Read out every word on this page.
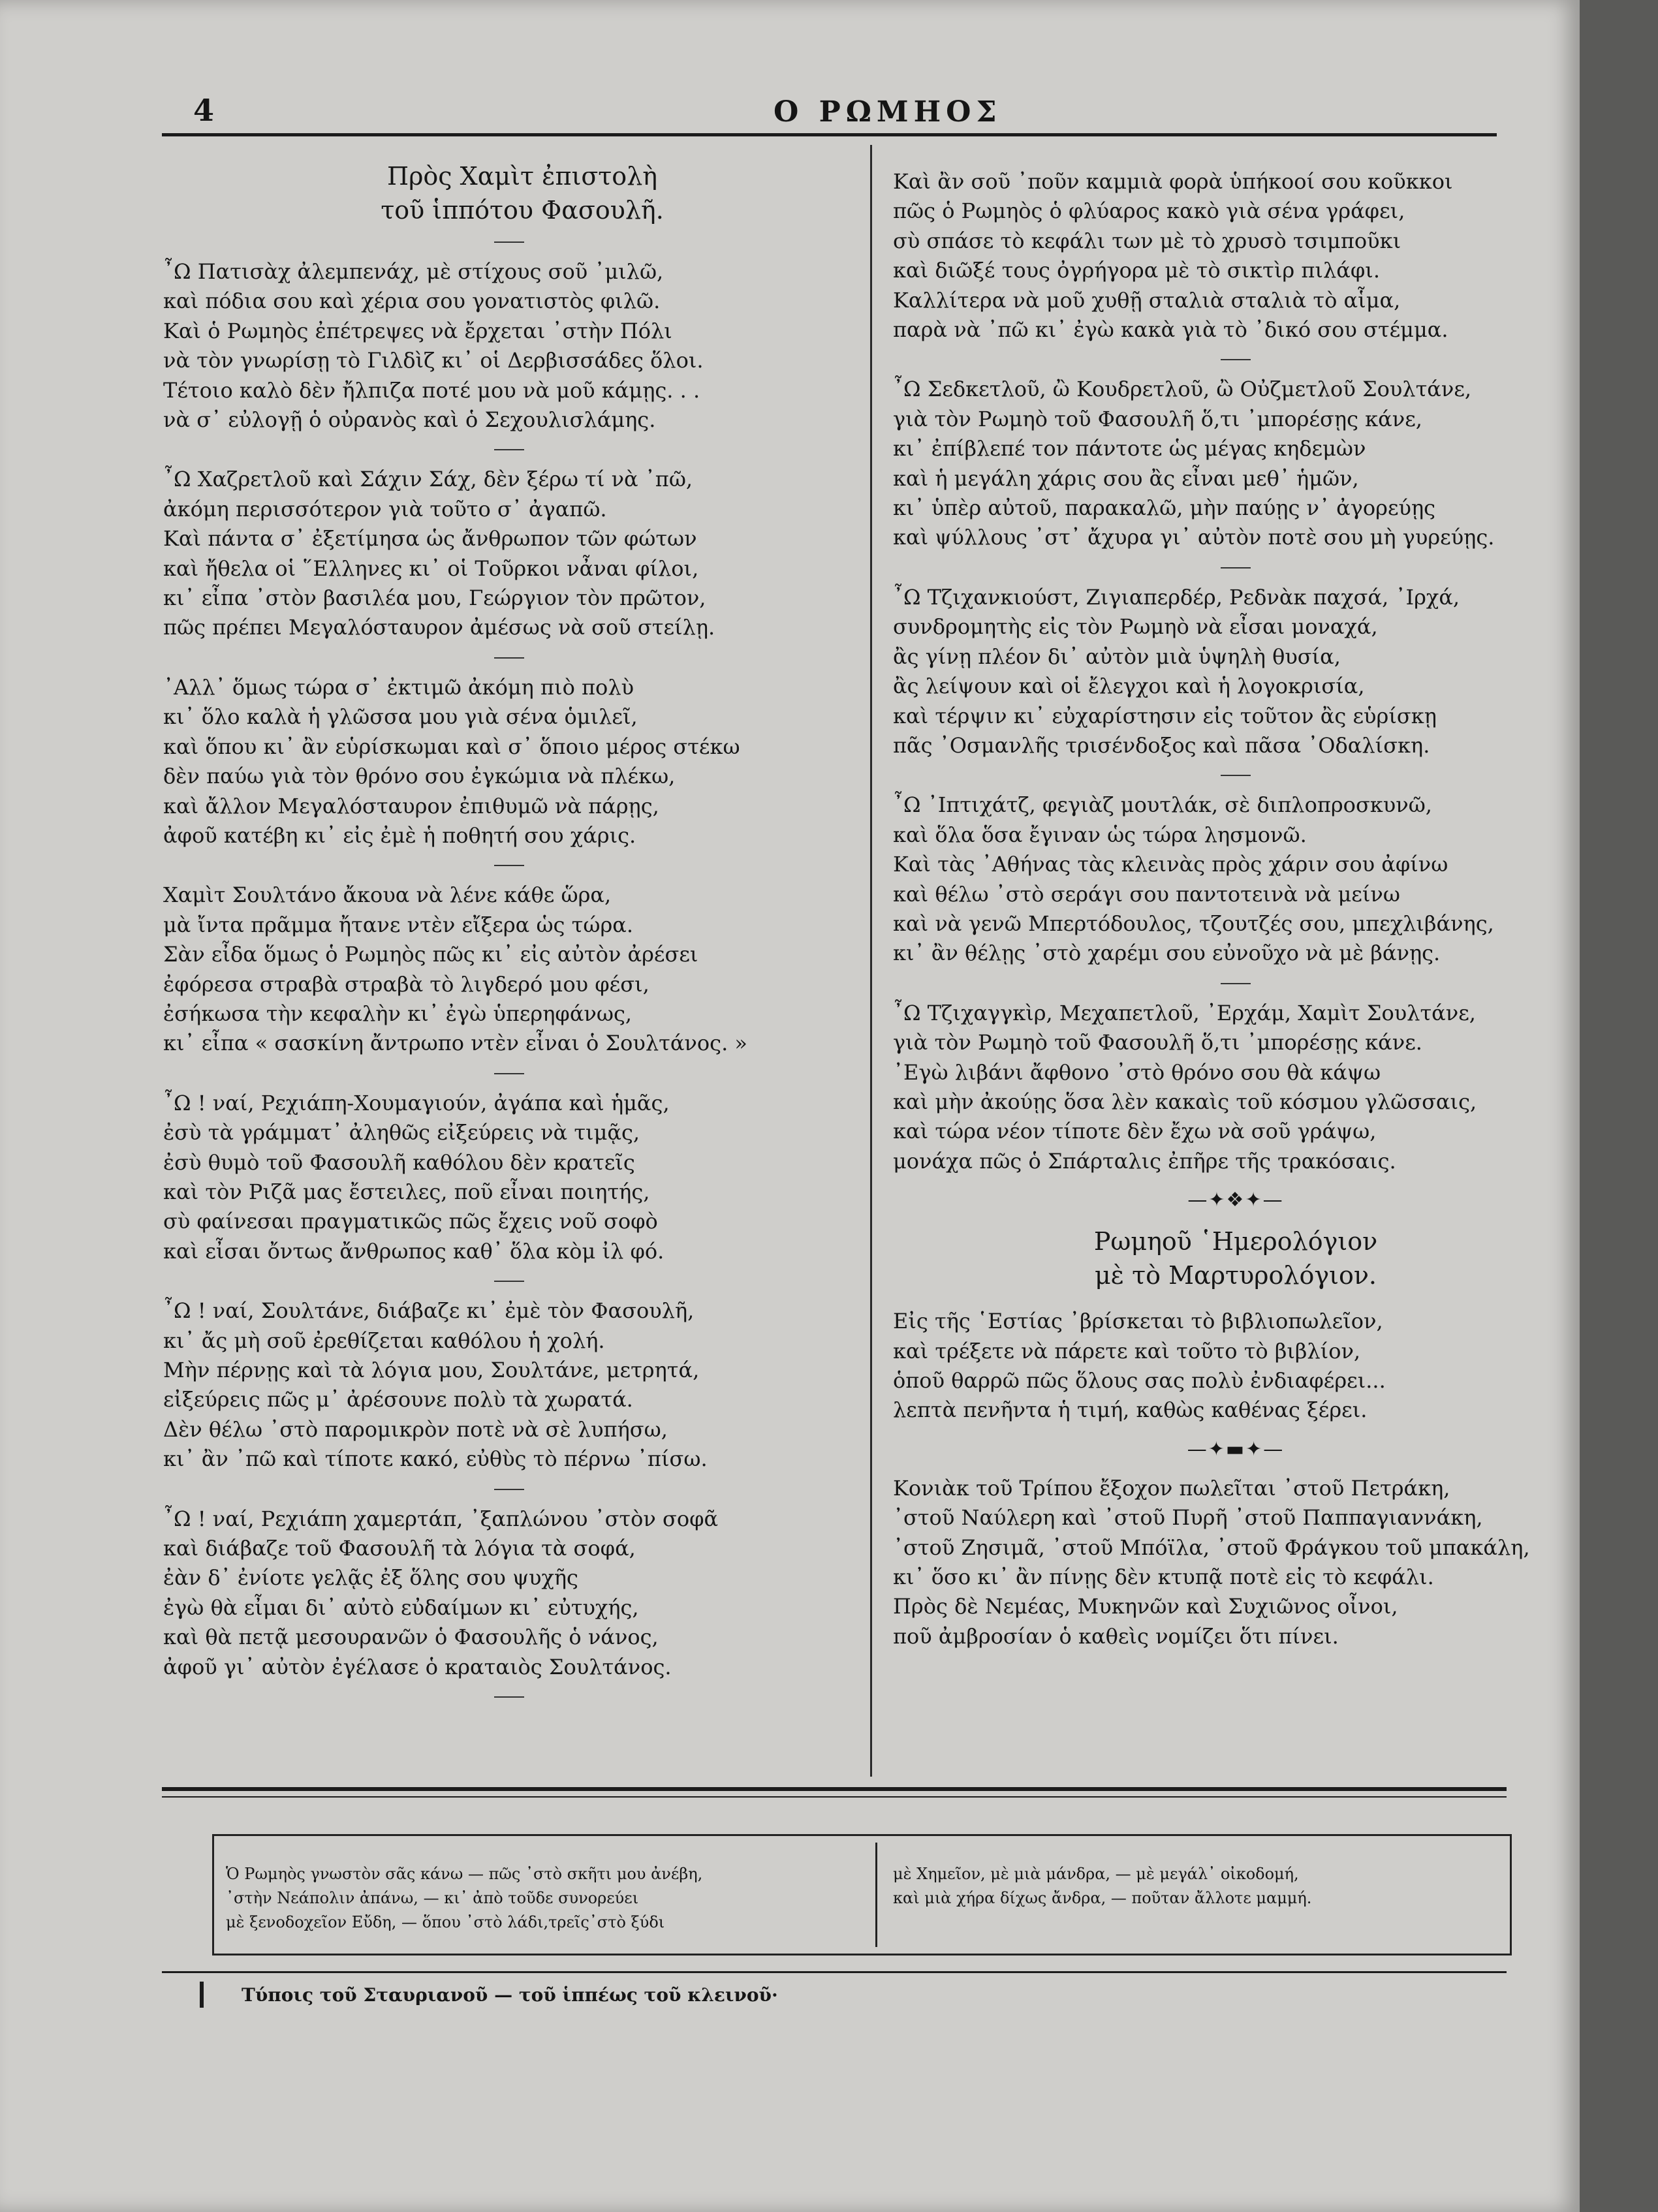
4	Ο ΡΩΜΗΟΣ
Πρὸς Χαμὶτ ἐπιστολὴ
τοῦ ἱππότου Φασουλῆ.
῏Ω Πατισὰχ ἀλεμπενάχ, μὲ στίχους σοῦ ᾽μιλῶ,
καὶ πόδια σου καὶ χέρια σου γονατιστὸς φιλῶ.
Καὶ ὁ Ρωμηὸς ἐπέτρεψες νὰ ἔρχεται ᾽στὴν Πόλι
νὰ τὸν γνωρίσῃ τὸ Γιλδὶζ κι᾽ οἱ Δερβισσάδες ὅλοι.
Τέτοιο καλὸ δὲν ἤλπιζα ποτέ μου νὰ μοῦ κάμῃς. . .
νὰ σ᾽ εὐλογῇ ὁ οὐρανὸς καὶ ὁ Σεχουλισλάμης.
῏Ω Χαζρετλοῦ καὶ Σάχιν Σάχ, δὲν ξέρω τί νὰ ᾽πῶ,
ἀκόμη περισσότερον γιὰ τοῦτο σ᾽ ἀγαπῶ.
Καὶ πάντα σ᾽ ἐξετίμησα ὡς ἄνθρωπον τῶν φώτων
καὶ ἤθελα οἱ ῞Ελληνες κι᾽ οἱ Τοῦρκοι νἆναι φίλοι,
κι᾽ εἶπα ᾽στὸν βασιλέα μου, Γεώργιον τὸν πρῶτον,
πῶς πρέπει Μεγαλόσταυρον ἀμέσως νὰ σοῦ στείλῃ.
᾽Αλλ᾽ ὅμως τώρα σ᾽ ἐκτιμῶ ἀκόμη πιὸ πολὺ
κι᾽ ὅλο καλὰ ἡ γλῶσσα μου γιὰ σένα ὁμιλεῖ,
καὶ ὅπου κι᾽ ἂν εὑρίσκωμαι καὶ σ᾽ ὅποιο μέρος στέκω
δὲν παύω γιὰ τὸν θρόνο σου ἐγκώμια νὰ πλέκω,
καὶ ἄλλον Μεγαλόσταυρον ἐπιθυμῶ νὰ πάρῃς,
ἀφοῦ κατέβη κι᾽ εἰς ἐμὲ ἡ ποθητή σου χάρις.
Χαμὶτ Σουλτάνο ἄκουα νὰ λένε κάθε ὥρα,
μὰ ἴντα πρᾶμμα ἤτανε ντὲν εἴξερα ὡς τώρα.
Σὰν εἶδα ὅμως ὁ Ρωμηὸς πῶς κι᾽ εἰς αὐτὸν ἀρέσει
ἐφόρεσα στραβὰ στραβὰ τὸ λιγδερό μου φέσι,
ἐσήκωσα τὴν κεφαλὴν κι᾽ ἐγὼ ὑπερηφάνως,
κι᾽ εἶπα « σασκίνη ἄντρωπο ντὲν εἶναι ὁ Σουλτάνος. »
῏Ω ! ναί, Ρεχιάπη-Χουμαγιούν, ἀγάπα καὶ ἡμᾶς,
ἐσὺ τὰ γράμματ᾽ ἀληθῶς εἰξεύρεις νὰ τιμᾷς,
ἐσὺ θυμὸ τοῦ Φασουλῆ καθόλου δὲν κρατεῖς
καὶ τὸν Ριζᾶ μας ἔστειλες, ποῦ εἶναι ποιητής,
σὺ φαίνεσαι πραγματικῶς πῶς ἔχεις νοῦ σοφὸ
καὶ εἶσαι ὄντως ἄνθρωπος καθ᾽ ὅλα κὸμ ἰλ φό.
῏Ω ! ναί, Σουλτάνε, διάβαζε κι᾽ ἐμὲ τὸν Φασουλῆ,
κι᾽ ἄς μὴ σοῦ ἐρεθίζεται καθόλου ἡ χολή.
Μὴν πέρνῃς καὶ τὰ λόγια μου, Σουλτάνε, μετρητά,
εἰξεύρεις πῶς μ᾽ ἀρέσουνε πολὺ τὰ χωρατά.
Δὲν θέλω ᾽στὸ παρομικρὸν ποτὲ νὰ σὲ λυπήσω,
κι᾽ ἂν ᾽πῶ καὶ τίποτε κακό, εὐθὺς τὸ πέρνω ᾽πίσω.
῏Ω ! ναί, Ρεχιάπη χαμερτάπ, ᾽ξαπλώνου ᾽στὸν σοφᾶ
καὶ διάβαζε τοῦ Φασουλῆ τὰ λόγια τὰ σοφά,
ἐὰν δ᾽ ἐνίοτε γελᾷς ἐξ ὅλης σου ψυχῆς
ἐγὼ θὰ εἶμαι δι᾽ αὐτὸ εὐδαίμων κι᾽ εὐτυχής,
καὶ θὰ πετᾷ μεσουρανῶν ὁ Φασουλῆς ὁ νάνος,
ἀφοῦ γι᾽ αὐτὸν ἐγέλασε ὁ κραταιὸς Σουλτάνος.
Καὶ ἂν σοῦ ᾽ποῦν καμμιὰ φορὰ ὑπήκοοί σου κοῦκκοι
πῶς ὁ Ρωμηὸς ὁ φλύαρος κακὸ γιὰ σένα γράφει,
σὺ σπάσε τὸ κεφάλι των μὲ τὸ χρυσὸ τσιμποῦκι
καὶ διῶξέ τους ὀγρήγορα μὲ τὸ σικτὶρ πιλάφι.
Καλλίτερα νὰ μοῦ χυθῇ σταλιὰ σταλιὰ τὸ αἷμα,
παρὰ νὰ ᾽πῶ κι᾽ ἐγὼ κακὰ γιὰ τὸ ᾽δικό σου στέμμα.
῏Ω Σεδκετλοῦ, ὢ Κουδρετλοῦ, ὢ Οὐζμετλοῦ Σουλτάνε,
γιὰ τὸν Ρωμηὸ τοῦ Φασουλῆ ὅ,τι ᾽μπορέσῃς κάνε,
κι᾽ ἐπίβλεπέ τον πάντοτε ὡς μέγας κηδεμὼν
καὶ ἡ μεγάλη χάρις σου ἂς εἶναι μεθ᾽ ἡμῶν,
κι᾽ ὑπὲρ αὐτοῦ, παρακαλῶ, μὴν παύῃς ν᾽ ἀγορεύῃς
καὶ ψύλλους ᾽στ᾽ ἄχυρα γι᾽ αὐτὸν ποτὲ σου μὴ γυρεύῃς.
῏Ω Τζιχανκιούστ, Ζιγιαπερδέρ, Ρεδνὰκ παχσά, ᾽Ιρχά,
συνδρομητὴς εἰς τὸν Ρωμηὸ νὰ εἶσαι μοναχά,
ἂς γίνῃ πλέον δι᾽ αὐτὸν μιὰ ὑψηλὴ θυσία,
ἂς λείψουν καὶ οἱ ἔλεγχοι καὶ ἡ λογοκρισία,
καὶ τέρψιν κι᾽ εὐχαρίστησιν εἰς τοῦτον ἂς εὑρίσκῃ
πᾶς ᾽Οσμανλῆς τρισένδοξος καὶ πᾶσα ᾽Οδαλίσκη.
῏Ω ᾽Ιπτιχάτζ, φεγιὰζ μουτλάκ, σὲ διπλοπροσκυνῶ,
καὶ ὅλα ὅσα ἔγιναν ὡς τώρα λησμονῶ.
Καὶ τὰς ᾽Αθήνας τὰς κλεινὰς πρὸς χάριν σου ἀφίνω
καὶ θέλω ᾽στὸ σεράγι σου παντοτεινὰ νὰ μείνω
καὶ νὰ γενῶ Μπερτόδουλος, τζουτζές σου, μπεχλιβάνης,
κι᾽ ἂν θέλῃς ᾽στὸ χαρέμι σου εὐνοῦχο νὰ μὲ βάνῃς.
῏Ω Τζιχαγγκὶρ, Μεχαπετλοῦ, ᾽Ερχάμ, Χαμὶτ Σουλτάνε,
γιὰ τὸν Ρωμηὸ τοῦ Φασουλῆ ὅ,τι ᾽μπορέσῃς κάνε.
᾽Εγὼ λιβάνι ἄφθονο ᾽στὸ θρόνο σου θὰ κάψω
καὶ μὴν ἀκούῃς ὅσα λὲν κακαὶς τοῦ κόσμου γλῶσσαις,
καὶ τώρα νέον τίποτε δὲν ἔχω νὰ σοῦ γράψω,
μονάχα πῶς ὁ Σπάρταλις ἐπῆρε τῆς τρακόσαις.
—✦❖✦—
Ρωμηοῦ ῾Ημερολόγιον
μὲ τὸ Μαρτυρολόγιον.
Εἰς τῆς ῾Εστίας ᾽βρίσκεται τὸ βιβλιοπωλεῖον,
καὶ τρέξετε νὰ πάρετε καὶ τοῦτο τὸ βιβλίον,
ὁποῦ θαρρῶ πῶς ὅλους σας πολὺ ἐνδιαφέρει...
λεπτὰ πενῆντα ἡ τιμή, καθὼς καθένας ξέρει.
—✦▬✦—
Κονιὰκ τοῦ Τρίπου ἔξοχον πωλεῖται ᾽στοῦ Πετράκη,
᾽στοῦ Ναύλερη καὶ ᾽στοῦ Πυρῆ ᾽στοῦ Παππαγιαννάκη,
᾽στοῦ Ζησιμᾶ, ᾽στοῦ Μπόϊλα, ᾽στοῦ Φράγκου τοῦ μπακάλη,
κι᾽ ὅσο κι᾽ ἂν πίνῃς δὲν κτυπᾷ ποτὲ εἰς τὸ κεφάλι.
Πρὸς δὲ Νεμέας, Μυκηνῶν καὶ Συχιῶνος οἶνοι,
ποῦ ἀμβροσίαν ὁ καθεὶς νομίζει ὅτι πίνει.
Ὁ Ρωμηὸς γνωστὸν σᾶς κάνω — πῶς ᾽στὸ σκῆτι μου ἀνέβη,
᾽στὴν Νεάπολιν ἀπάνω, — κι᾽ ἀπὸ τοῦδε συνορεύει
μὲ ξενοδοχεῖον Εὔδη, — ὅπου ᾽στὸ λάδι,τρεῖς᾽στὸ ξύδι
μὲ Χημεῖον, μὲ μιὰ μάνδρα, — μὲ μεγάλ᾽ οἰκοδομή,
καὶ μιὰ χήρα δίχως ἄνδρα, — ποῦταν ἄλλοτε μαμμή.
Τύποις τοῦ Σταυριανοῦ — τοῦ ἱππέως τοῦ κλεινοῦ·
